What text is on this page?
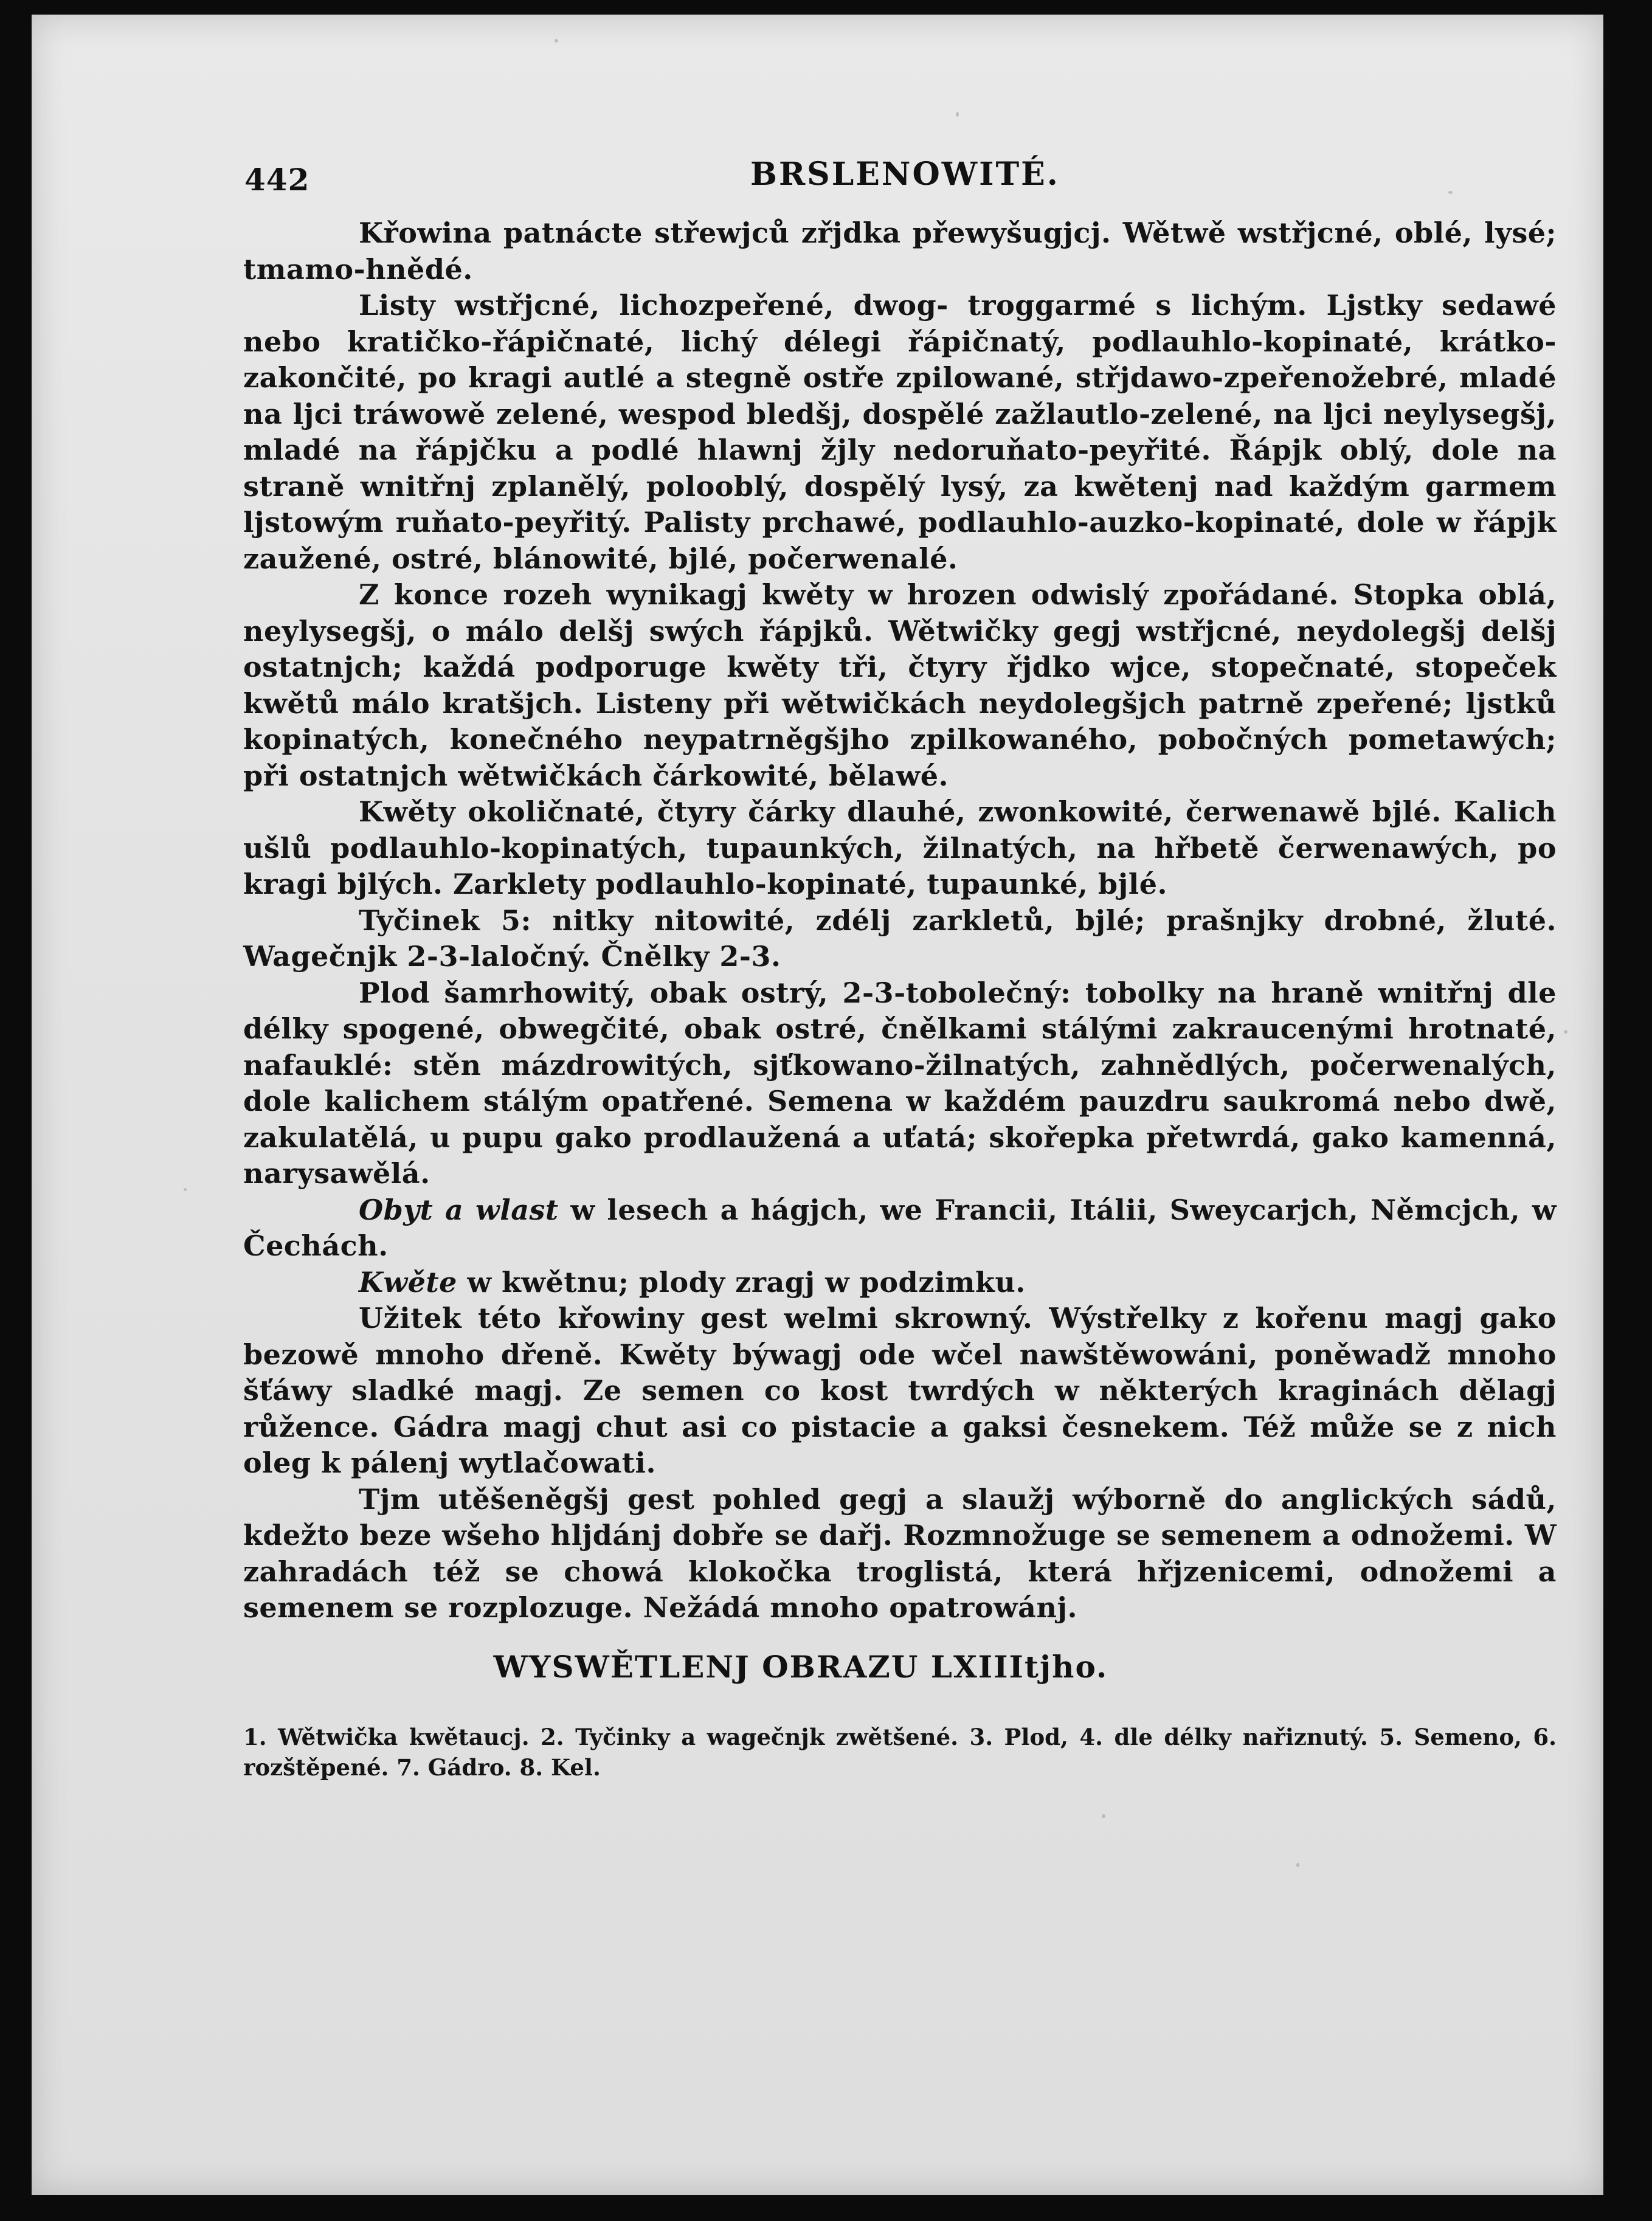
442	BRSLENOWITÉ.

Křowina patnácte střewjců zřjdka přewyšugjcj. Wětwě wstřjcné, oblé, lysé; tmamo-hnědé.

Listy wstřjcné, lichozpeřené, dwog- troggarmé s lichým. Ljstky sedawé nebo kratičko-řápičnaté, lichý délegi řápičnatý, podlauhlo-kopinaté, krátko-zakončité, po kragi autlé a stegně ostře zpilowané, střjdawo-zpeřenožebré, mladé na ljci tráwowě zelené, wespod bledšj, dospělé zažlautlo-zelené, na ljci neylysegšj, mladé na řápjčku a podlé hlawnj žjly nedoruňato-peyřité. Řápjk oblý, dole na straně wnitřnj zplanělý, polooblý, dospělý lysý, za kwětenj nad každým garmem ljstowým ruňato-peyřitý. Palisty prchawé, podlauhlo-auzko-kopinaté, dole w řápjk zaužené, ostré, blánowité, bjlé, počerwenalé.

Z konce rozeh wynikagj kwěty w hrozen odwislý zpořádané. Stopka oblá, neylysegšj, o málo delšj swých řápjků. Wětwičky gegj wstřjcné, neydolegšj delšj ostatnjch; každá podporuge kwěty tři, čtyry řjdko wjce, stopečnaté, stopeček kwětů málo kratšjch. Listeny při wětwičkách neydolegšjch patrně zpeřené; ljstků kopinatých, konečného neypatrněgšjho zpilkowaného, pobočných pometawých; při ostatnjch wětwičkách čárkowité, bělawé.

Kwěty okoličnaté, čtyry čárky dlauhé, zwonkowité, čerwenawě bjlé. Kalich ušlů podlauhlo-kopinatých, tupaunkých, žilnatých, na hřbetě čerwenawých, po kragi bjlých. Zarklety podlauhlo-kopinaté, tupaunké, bjlé.

Tyčinek 5: nitky nitowité, zdélj zarkletů, bjlé; prašnjky drobné, žluté. Wagečnjk 2-3-laločný. Čnělky 2-3.

Plod šamrhowitý, obak ostrý, 2-3-tobolečný: tobolky na hraně wnitřnj dle délky spogené, obwegčité, obak ostré, čnělkami stálými zakraucenými hrotnaté, nafauklé: stěn mázdrowitých, sjťkowano-žilnatých, zahnědlých, počerwenalých, dole kalichem stálým opatřené. Semena w každém pauzdru saukromá nebo dwě, zakulatělá, u pupu gako prodlaužená a uťatá; skořepka přetwrdá, gako kamenná, narysawělá.

Obyt a wlast w lesech a hágjch, we Francii, Itálii, Sweycarjch, Němcjch, w Čechách.

Kwěte w kwětnu; plody zragj w podzimku.

Užitek této křowiny gest welmi skrowný. Wýstřelky z kořenu magj gako bezowě mnoho dřeně. Kwěty býwagj ode wčel nawštěwowáni, poněwadž mnoho šťáwy sladké magj. Ze semen co kost twrdých w některých kraginách dělagj růžence. Gádra magj chut asi co pistacie a gaksi česnekem. Též může se z nich oleg k pálenj wytlačowati.

Tjm utěšeněgšj gest pohled gegj a slaužj wýborně do anglických sádů, kdežto beze wšeho hljdánj dobře se dařj. Rozmnožuge se semenem a odnožemi. W zahradách též se chowá klokočka troglistá, která hřjzenicemi, odnožemi a semenem se rozplozuge. Nežádá mnoho opatrowánj.

WYSWĚTLENJ OBRAZU LXIIItjho.
1. Wětwička kwětaucj. 2. Tyčinky a wagečnjk zwětšené. 3. Plod, 4. dle délky nařiznutý. 5. Semeno, 6. rozštěpené. 7. Gádro. 8. Kel.
